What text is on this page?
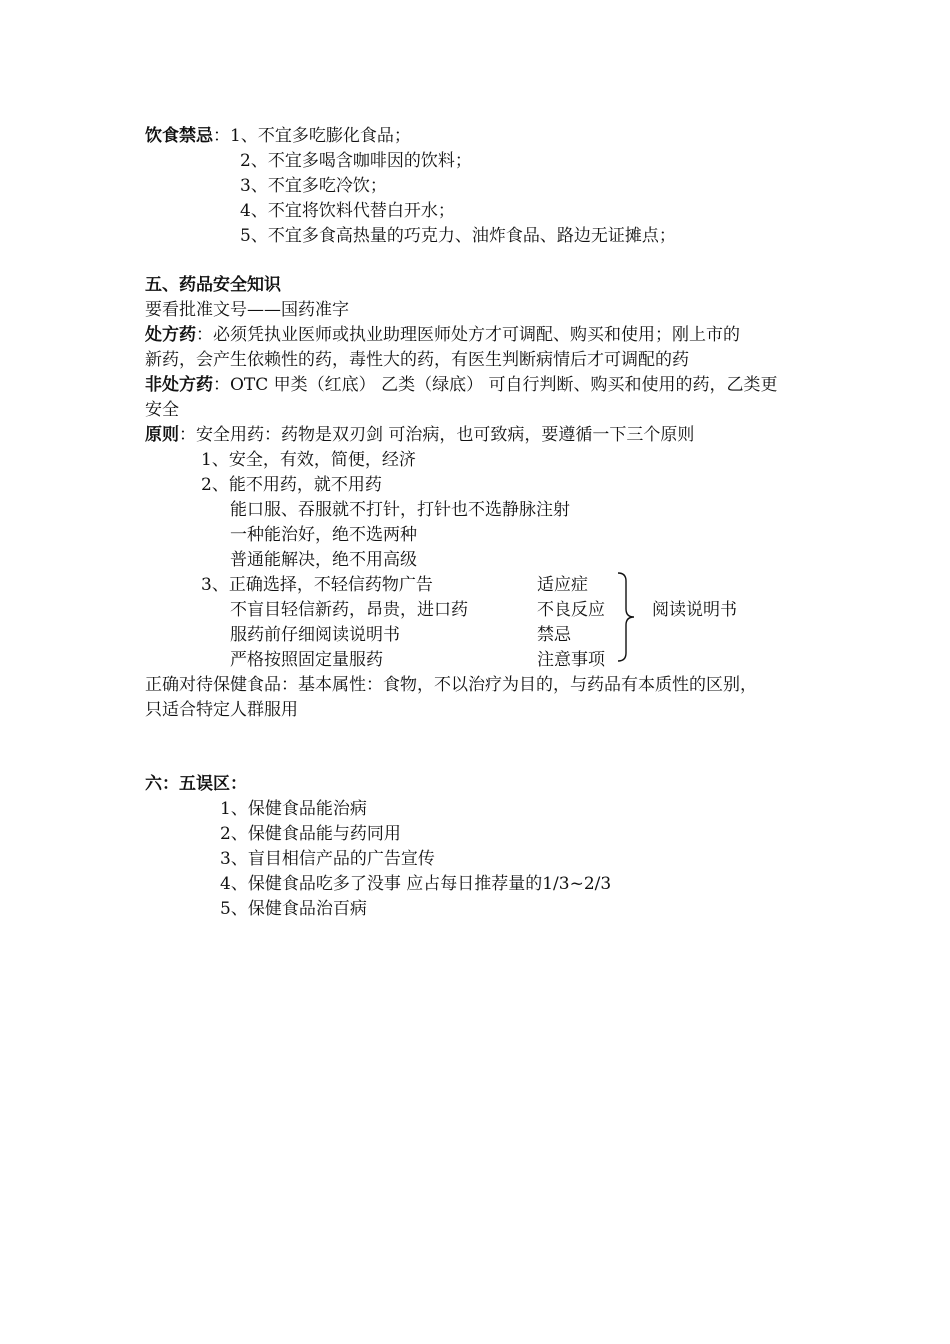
饮食禁忌：1、不宜多吃膨化食品；
2、不宜多喝含咖啡因的饮料；
3、不宜多吃冷饮；
4、不宜将饮料代替白开水；
5、不宜多食高热量的巧克力、油炸食品、路边无证摊点；
五、药品安全知识
要看批准文号——国药准字
处方药：必须凭执业医师或执业助理医师处方才可调配、购买和使用；刚上市的
新药，会产生依赖性的药，毒性大的药，有医生判断病情后才可调配的药
非处方药：OTC 甲类（红底） 乙类（绿底） 可自行判断、购买和使用的药，乙类更
安全
原则：安全用药：药物是双刃剑 可治病，也可致病，要遵循一下三个原则
1、安全，有效，简便，经济
2、能不用药，就不用药
能口服、吞服就不打针，打针也不选静脉注射
一种能治好，绝不选两种
普通能解决，绝不用高级
3、正确选择，不轻信药物广告
不盲目轻信新药，昂贵，进口药
服药前仔细阅读说明书
严格按照固定量服药
适应症
不良反应
禁忌
注意事项
阅读说明书
正确对待保健食品：基本属性：食物，不以治疗为目的，与药品有本质性的区别，
只适合特定人群服用
六：五误区：
1、保健食品能治病
2、保健食品能与药同用
3、盲目相信产品的广告宣传
4、保健食品吃多了没事 应占每日推荐量的1/3~2/3
5、保健食品治百病
